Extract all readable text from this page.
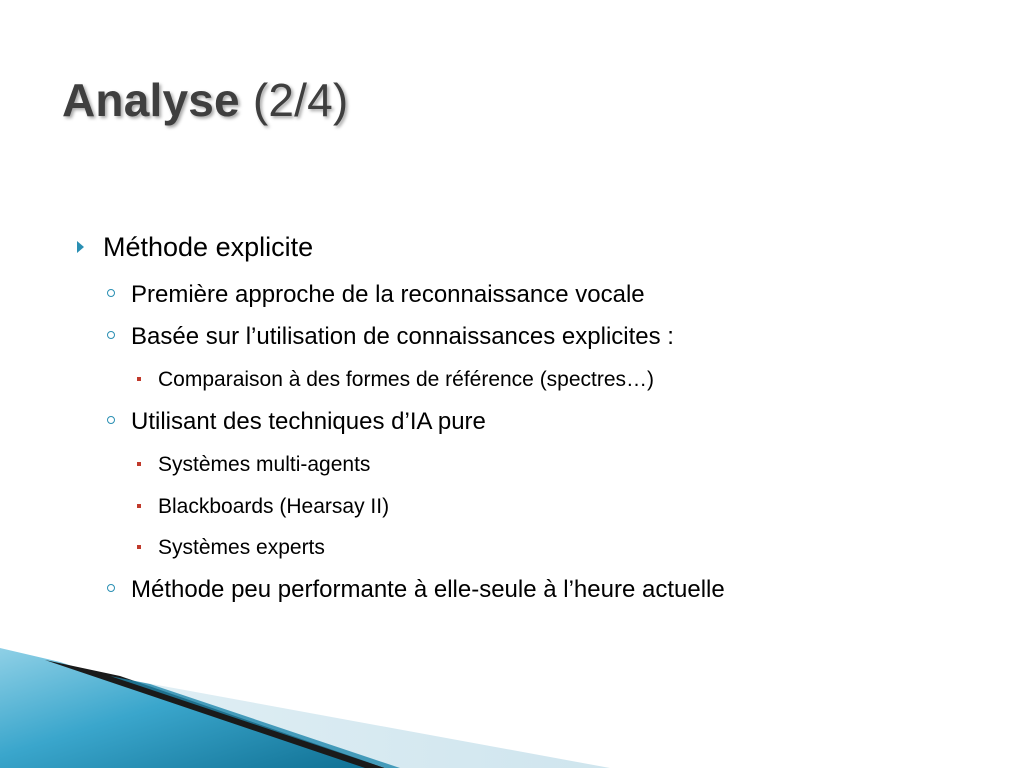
Analyse (2/4)
Méthode explicite
Première approche de la reconnaissance vocale
Basée sur l’utilisation de connaissances explicites :
Comparaison à des formes de référence (spectres…)
Utilisant des techniques d’IA pure
Systèmes multi-agents
Blackboards (Hearsay II)
Systèmes experts
Méthode peu performante à elle-seule à l’heure actuelle
